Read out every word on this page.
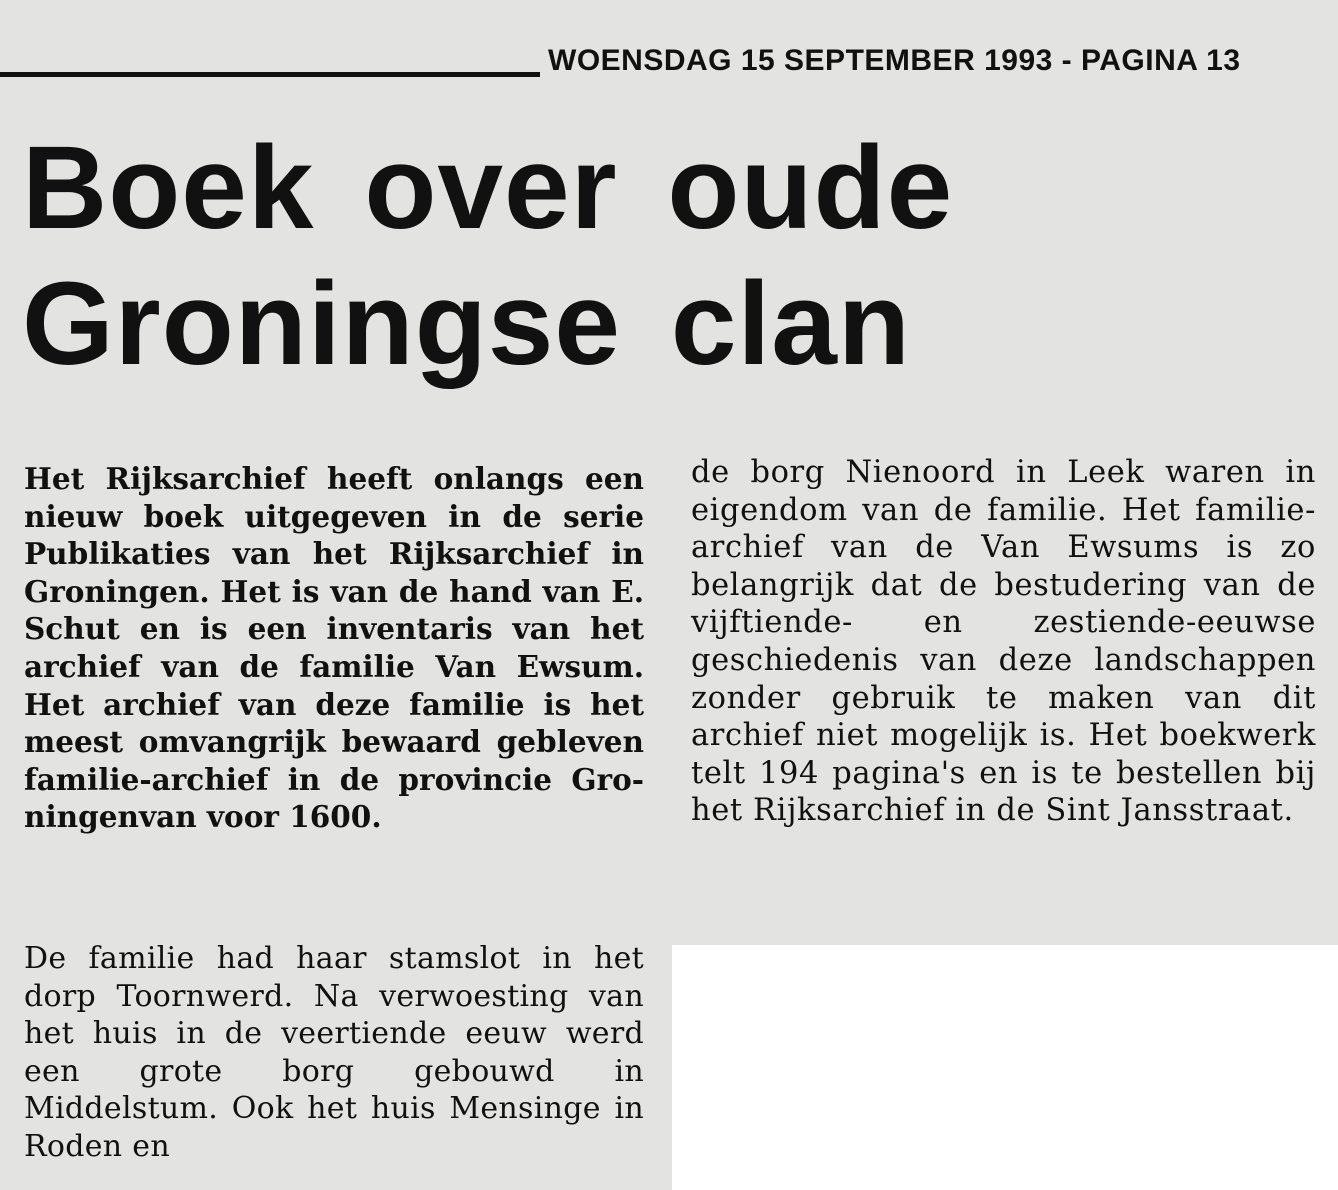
WOENSDAG 15 SEPTEMBER 1993 - PAGINA 13
Boek over oude
Groningse clan

Het Rijksarchief heeft onlangs een nieuw boek uitgegeven in de serie Publikaties van het Rijksarchief in Groningen. Het is van de hand van E. Schut en is een inventaris van het archief van de familie Van Ewsum. Het archief van deze familie is het meest omvangrijk bewaard gebleven familie-archief in de provincie Groningenvan voor 1600.

De familie had haar stamslot in het dorp Toornwerd. Na verwoesting van het huis in de veertiende eeuw werd een grote borg gebouwd in Middelstum. Ook het huis Mensinge in Roden en

de borg Nienoord in Leek waren in eigendom van de familie. Het familie-archief van de Van Ewsums is zo belangrijk dat de bestudering van de vijftiende- en zestiende-eeuwse geschiedenis van deze landschappen zonder gebruik te maken van dit archief niet mogelijk is. Het boekwerk telt 194 pagina's en is te bestellen bij het Rijksarchief in de Sint Jansstraat.
